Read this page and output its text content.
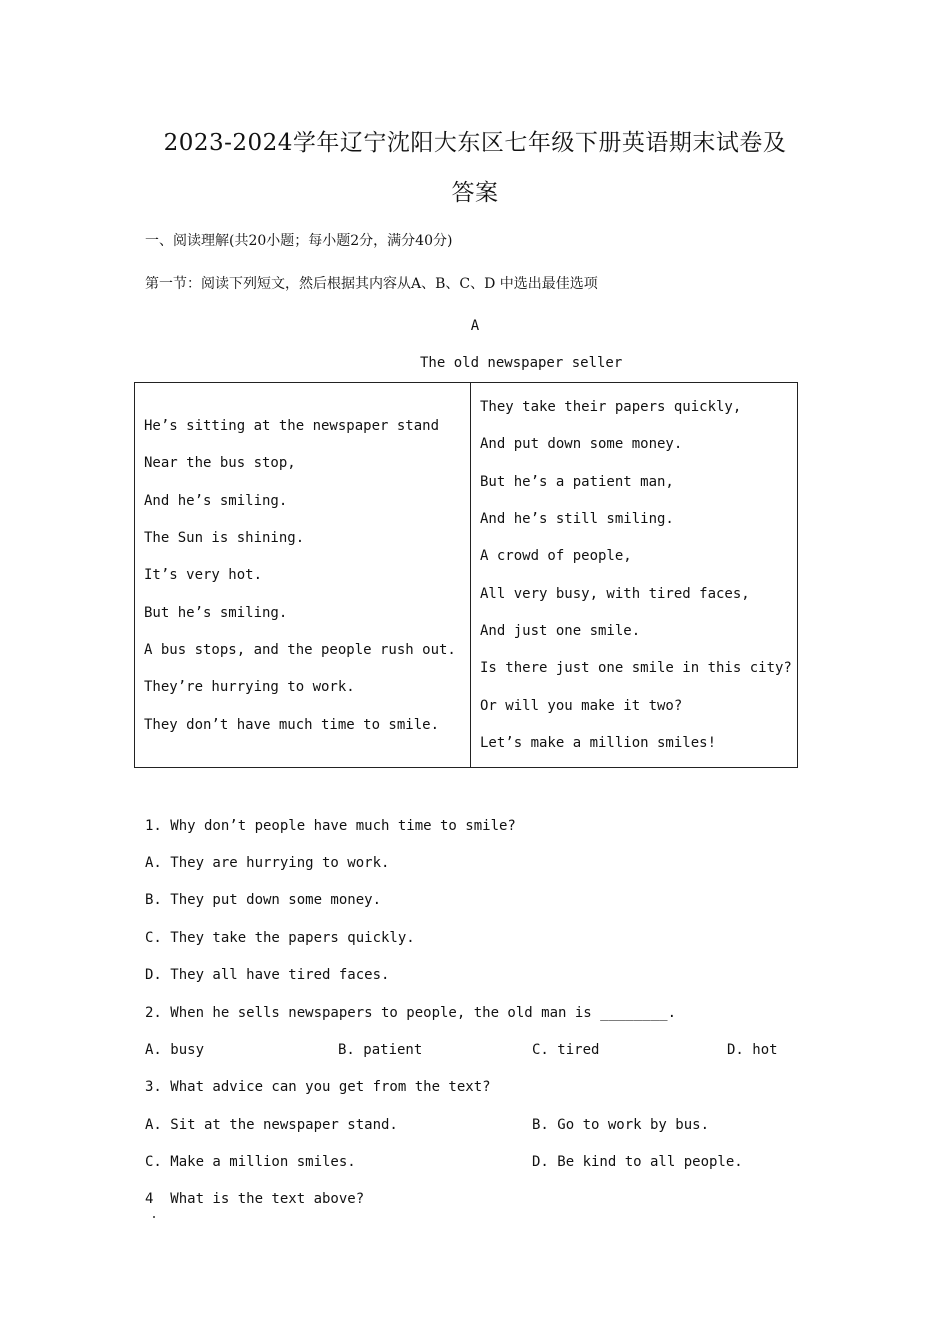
2023-2024学年辽宁沈阳大东区七年级下册英语期末试卷及
答案
一、阅读理解(共20小题；每小题2分，满分40分)
第一节：阅读下列短文，然后根据其内容从A、B、C、D 中选出最佳选项
A
The old newspaper seller
He’s sitting at the newspaper stand
Near the bus stop,
And he’s smiling.
The Sun is shining.
It’s very hot.
But he’s smiling.
A bus stops, and the people rush out.
They’re hurrying to work.
They don’t have much time to smile.
They take their papers quickly,
And put down some money.
But he’s a patient man,
And he’s still smiling.
A crowd of people,
All very busy, with tired faces,
And just one smile.
Is there just one smile in this city?
Or will you make it two?
Let’s make a million smiles!
1. Why don’t people have much time to smile?
A. They are hurrying to work.
B. They put down some money.
C. They take the papers quickly.
D. They all have tired faces.
2. When he sells newspapers to people, the old man is ________.
A. busy	B. patient	C. tired	D. hot
3. What advice can you get from the text?
A. Sit at the newspaper stand.	B. Go to work by bus.
C. Make a million smiles.	D. Be kind to all people.
4  What is the text above?
